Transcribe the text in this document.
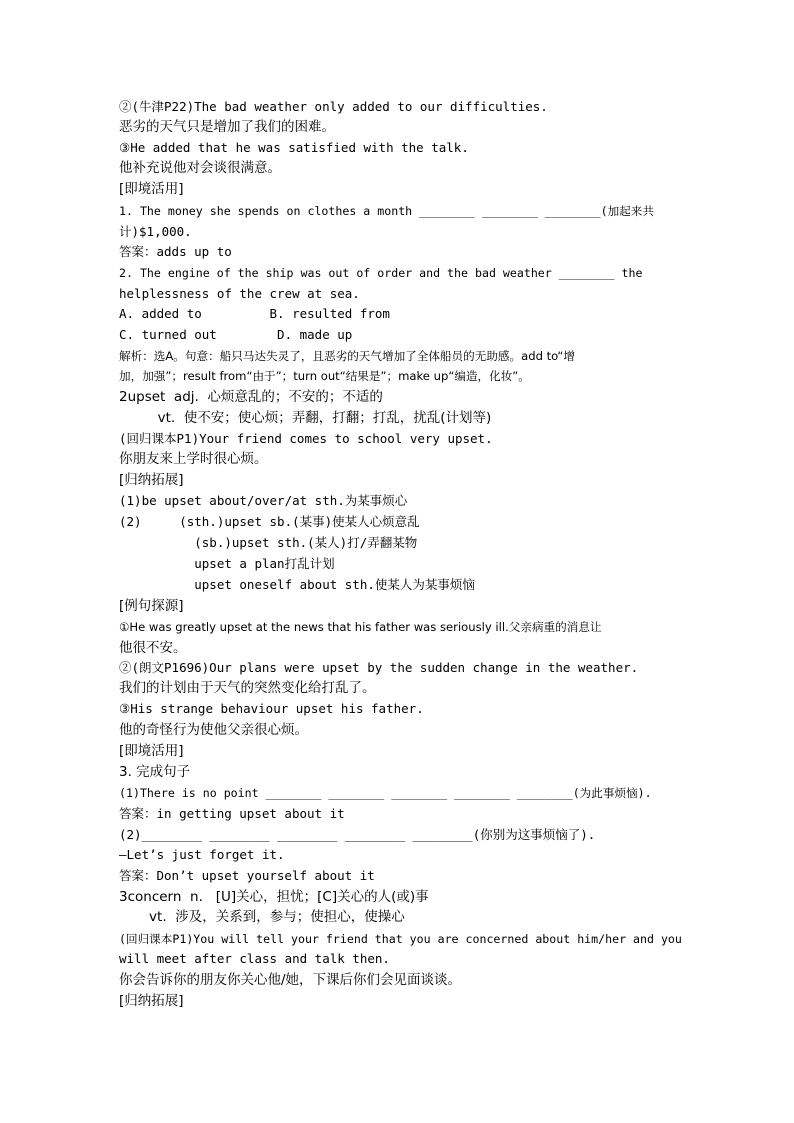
②(牛津P22)The bad weather only added to our difficulties.
恶劣的天气只是增加了我们的困难。
③He added that he was satisfied with the talk.
他补充说他对会谈很满意。
[即境活用]
1. The money she spends on clothes a month ________ ________ ________(加起来共
计)$1,000.
答案：adds up to
2. The engine of the ship was out of order and the bad weather ________ the
helplessness of the crew at sea.
A. added to         B. resulted from
C. turned out        D. made up
解析：选A。句意：船只马达失灵了，且恶劣的天气增加了全体船员的无助感。add to“增
加，加强”；result from“由于”；turn out“结果是”；make up“编造，化妆”。
2upset  adj.  心烦意乱的；不安的；不适的
vt.  使不安；使心烦；弄翻，打翻；打乱，扰乱(计划等)
(回归课本P1)Your friend comes to school very upset.
你朋友来上学时很心烦。
[归纳拓展]
(1)be upset about/over/at sth.为某事烦心
(2)     (sth.)upset sb.(某事)使某人心烦意乱
(sb.)upset sth.(某人)打/弄翻某物
upset a plan打乱计划
upset oneself about sth.使某人为某事烦恼
[例句探源]
①He was greatly upset at the news that his father was seriously ill.父亲病重的消息让
他很不安。
②(朗文P1696)Our plans were upset by the sudden change in the weather.
我们的计划由于天气的突然变化给打乱了。
③His strange behaviour upset his father.
他的奇怪行为使他父亲很心烦。
[即境活用]
3. 完成句子
(1)There is no point ________ ________ ________ ________ ________(为此事烦恼).
答案：in getting upset about it
(2)________ ________ ________ ________ ________(你别为这事烦恼了).
—Let’s just forget it.
答案：Don’t upset yourself about it
3concern  n.   [U]关心，担忧；[C]关心的人(或)事
vt.  涉及，关系到，参与；使担心，使操心
(回归课本P1)You will tell your friend that you are concerned about him/her and you
will meet after class and talk then.
你会告诉你的朋友你关心他/她，下课后你们会见面谈谈。
[归纳拓展]
